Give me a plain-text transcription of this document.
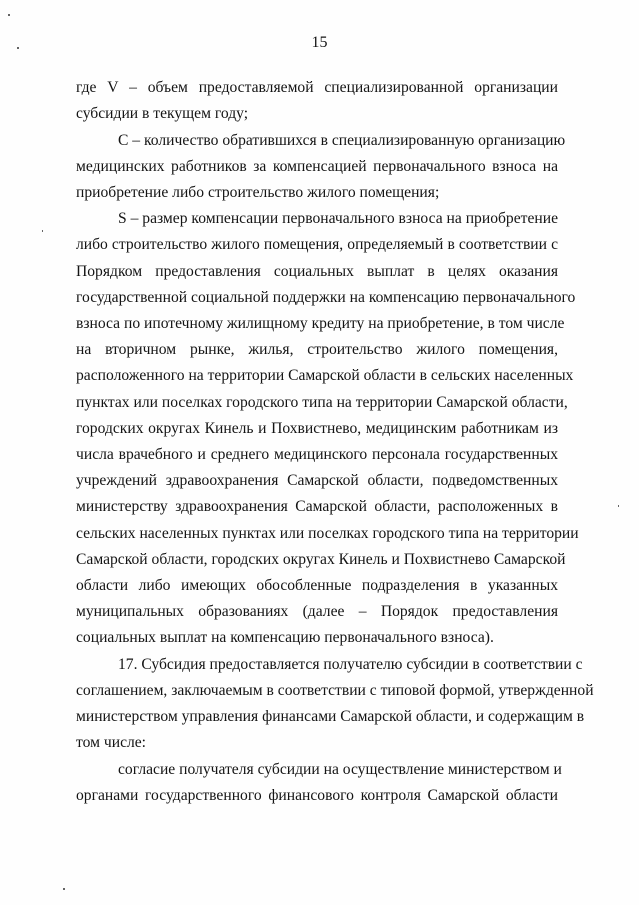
15
где V – объем предоставляемой специализированной организации
субсидии в текущем году;
C – количество обратившихся в специализированную организацию
медицинских работников за компенсацией первоначального взноса на
приобретение либо строительство жилого помещения;
S – размер компенсации первоначального взноса на приобретение
либо строительство жилого помещения, определяемый в соответствии с
Порядком предоставления социальных выплат в целях оказания
государственной социальной поддержки на компенсацию первоначального
взноса по ипотечному жилищному кредиту на приобретение, в том числе
на вторичном рынке, жилья, строительство жилого помещения,
расположенного на территории Самарской области в сельских населенных
пунктах или поселках городского типа на территории Самарской области,
городских округах Кинель и Похвистнево, медицинским работникам из
числа врачебного и среднего медицинского персонала государственных
учреждений здравоохранения Самарской области, подведомственных
министерству здравоохранения Самарской области, расположенных в
сельских населенных пунктах или поселках городского типа на территории
Самарской области, городских округах Кинель и Похвистнево Самарской
области либо имеющих обособленные подразделения в указанных
муниципальных образованиях (далее – Порядок предоставления
социальных выплат на компенсацию первоначального взноса).
17. Субсидия предоставляется получателю субсидии в соответствии с
соглашением, заключаемым в соответствии с типовой формой, утвержденной
министерством управления финансами Самарской области, и содержащим в
том числе:
согласие получателя субсидии на осуществление министерством и
органами государственного финансового контроля Самарской области
